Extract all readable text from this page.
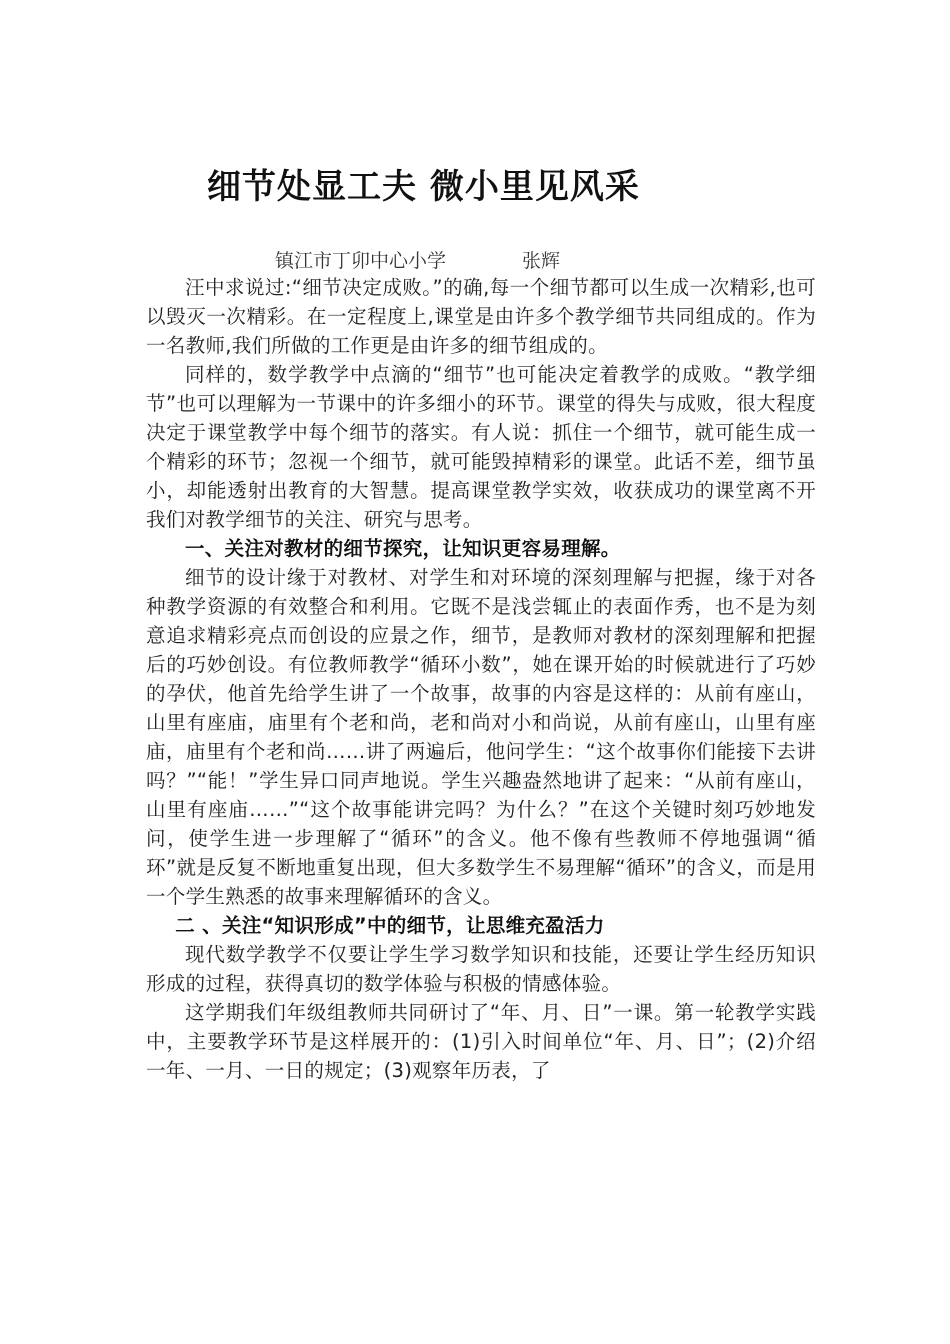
细节处显工夫 微小里见风采
镇江市丁卯中心小学	张辉

汪中求说过:“细节决定成败。”的确,每一个细节都可以生成一次精彩,也可以毁灭一次精彩。在一定程度上,课堂是由许多个教学细节共同组成的。作为一名教师,我们所做的工作更是由许多的细节组成的。

同样的，数学教学中点滴的“细节”也可能决定着教学的成败。“教学细节”也可以理解为一节课中的许多细小的环节。课堂的得失与成败，很大程度决定于课堂教学中每个细节的落实。有人说：抓住一个细节，就可能生成一个精彩的环节；忽视一个细节，就可能毁掉精彩的课堂。此话不差，细节虽小，却能透射出教育的大智慧。提高课堂教学实效，收获成功的课堂离不开我们对教学细节的关注、研究与思考。

一、关注对教材的细节探究，让知识更容易理解。

细节的设计缘于对教材、对学生和对环境的深刻理解与把握，缘于对各种教学资源的有效整合和利用。它既不是浅尝辄止的表面作秀，也不是为刻意追求精彩亮点而创设的应景之作，细节，是教师对教材的深刻理解和把握后的巧妙创设。有位教师教学“循环小数”，她在课开始的时候就进行了巧妙的孕伏，他首先给学生讲了一个故事，故事的内容是这样的：从前有座山，山里有座庙，庙里有个老和尚，老和尚对小和尚说，从前有座山，山里有座庙，庙里有个老和尚……讲了两遍后，他问学生：“这个故事你们能接下去讲吗？”“能！”学生异口同声地说。学生兴趣盎然地讲了起来：“从前有座山，山里有座庙……”“这个故事能讲完吗？为什么？”在这个关键时刻巧妙地发问，使学生进一步理解了“循环”的含义。他不像有些教师不停地强调“循环”就是反复不断地重复出现，但大多数学生不易理解“循环”的含义，而是用一个学生熟悉的故事来理解循环的含义。

二 、关注“知识形成”中的细节，让思维充盈活力

现代数学教学不仅要让学生学习数学知识和技能，还要让学生经历知识形成的过程，获得真切的数学体验与积极的情感体验。

这学期我们年级组教师共同研讨了“年、月、日”一课。第一轮教学实践中，主要教学环节是这样展开的：(1)引入时间单位“年、月、日”；(2)介绍一年、一月、一日的规定；(3)观察年历表，了
